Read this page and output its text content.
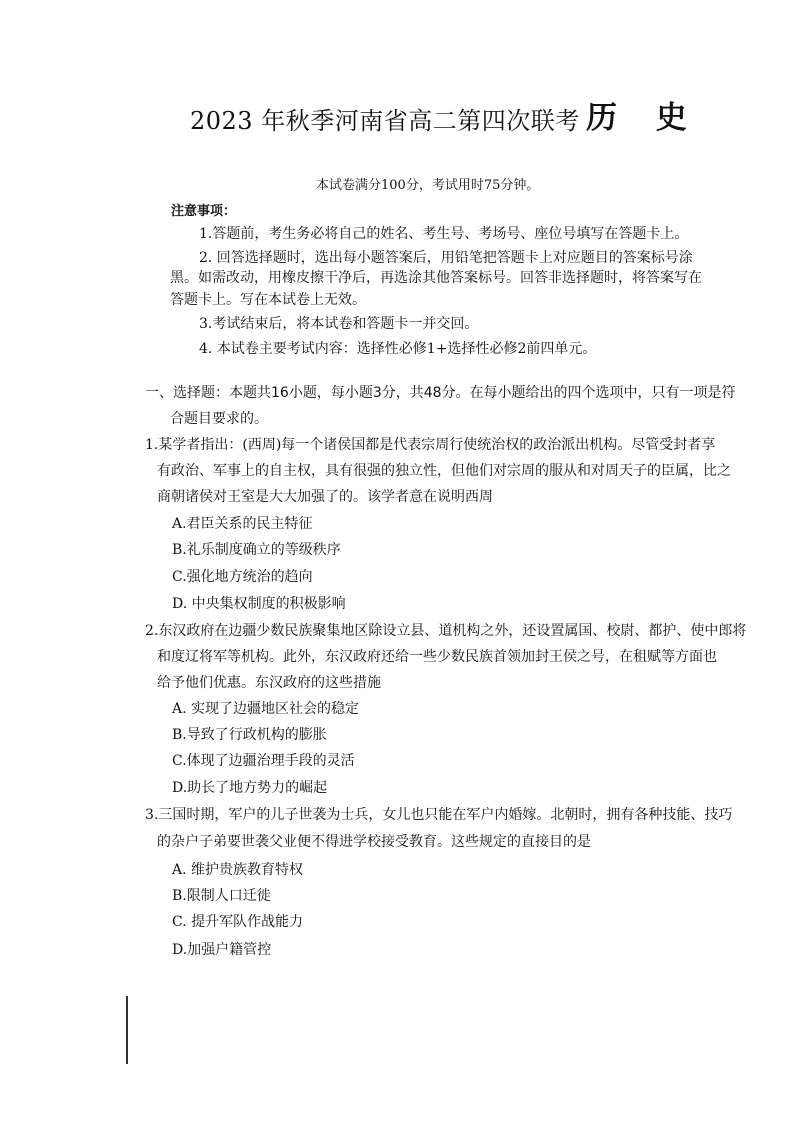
2023 年秋季河南省高二第四次联考 历 史
本试卷满分100分，考试用时75分钟。
注意事项：
1.答题前，考生务必将自己的姓名、考生号、考场号、座位号填写在答题卡上。
2. 回答选择题时，选出每小题答案后，用铅笔把答题卡上对应题目的答案标号涂
黑。如需改动，用橡皮擦干净后，再选涂其他答案标号。回答非选择题时，将答案写在
答题卡上。写在本试卷上无效。
3.考试结束后，将本试卷和答题卡一并交回。
4. 本试卷主要考试内容：选择性必修1+选择性必修2前四单元。
一、选择题：本题共16小题，每小题3分，共48分。在每小题给出的四个选项中，只有一项是符
合题目要求的。
1.某学者指出：(西周)每一个诸侯国都是代表宗周行使统治权的政治派出机构。尽管受封者享
有政治、军事上的自主权，具有很强的独立性，但他们对宗周的服从和对周天子的臣属，比之
商朝诸侯对王室是大大加强了的。该学者意在说明西周
A.君臣关系的民主特征
B.礼乐制度确立的等级秩序
C.强化地方统治的趋向
D. 中央集权制度的积极影响
2.东汉政府在边疆少数民族聚集地区除设立县、道机构之外，还设置属国、校尉、都护、使中郎将
和度辽将军等机构。此外，东汉政府还给一些少数民族首领加封王侯之号，在租赋等方面也
给予他们优惠。东汉政府的这些措施
A. 实现了边疆地区社会的稳定
B.导致了行政机构的膨胀
C.体现了边疆治理手段的灵活
D.助长了地方势力的崛起
3.三国时期，军户的儿子世袭为士兵，女儿也只能在军户内婚嫁。北朝时，拥有各种技能、技巧
的杂户子弟要世袭父业便不得进学校接受教育。这些规定的直接目的是
A. 维护贵族教育特权
B.限制人口迁徙
C. 提升军队作战能力
D.加强户籍管控
